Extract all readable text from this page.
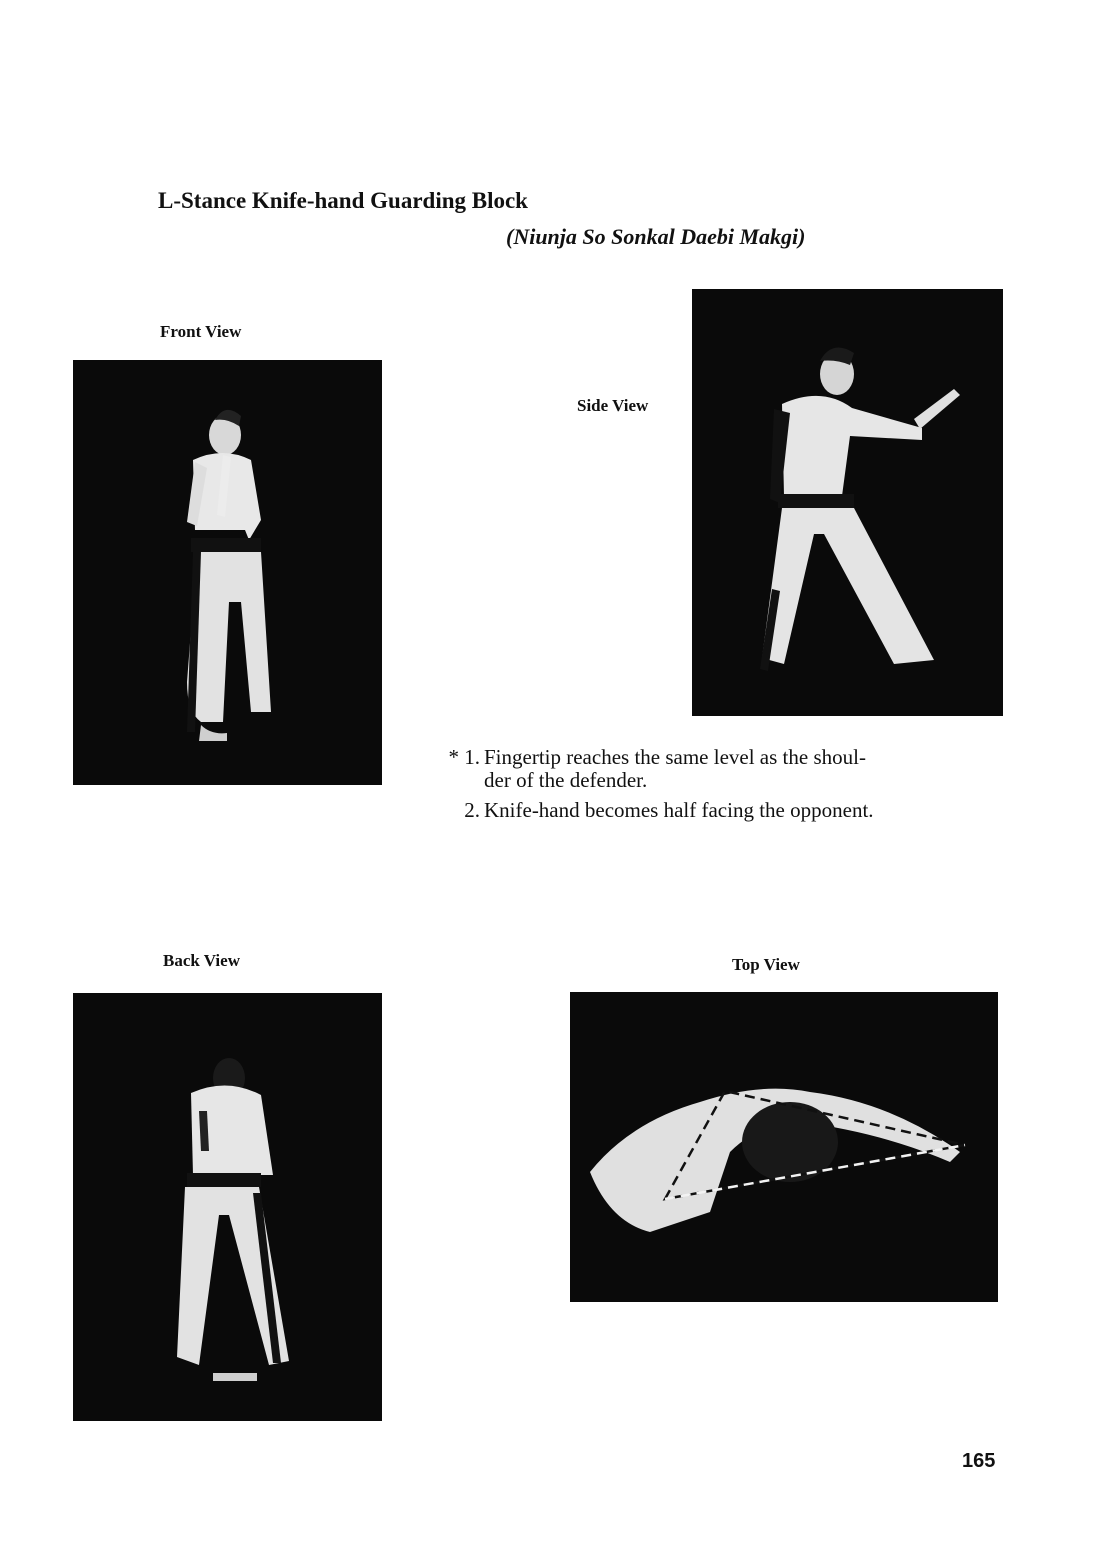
L-Stance Knife-hand Guarding Block
(Niunja So Sonkal Daebi Makgi)
Front View
Side View
* 1. Fingertip reaches the same level as the shoul-
der of the defender.
2. Knife-hand becomes half facing the opponent.
Back View	Top View
165
